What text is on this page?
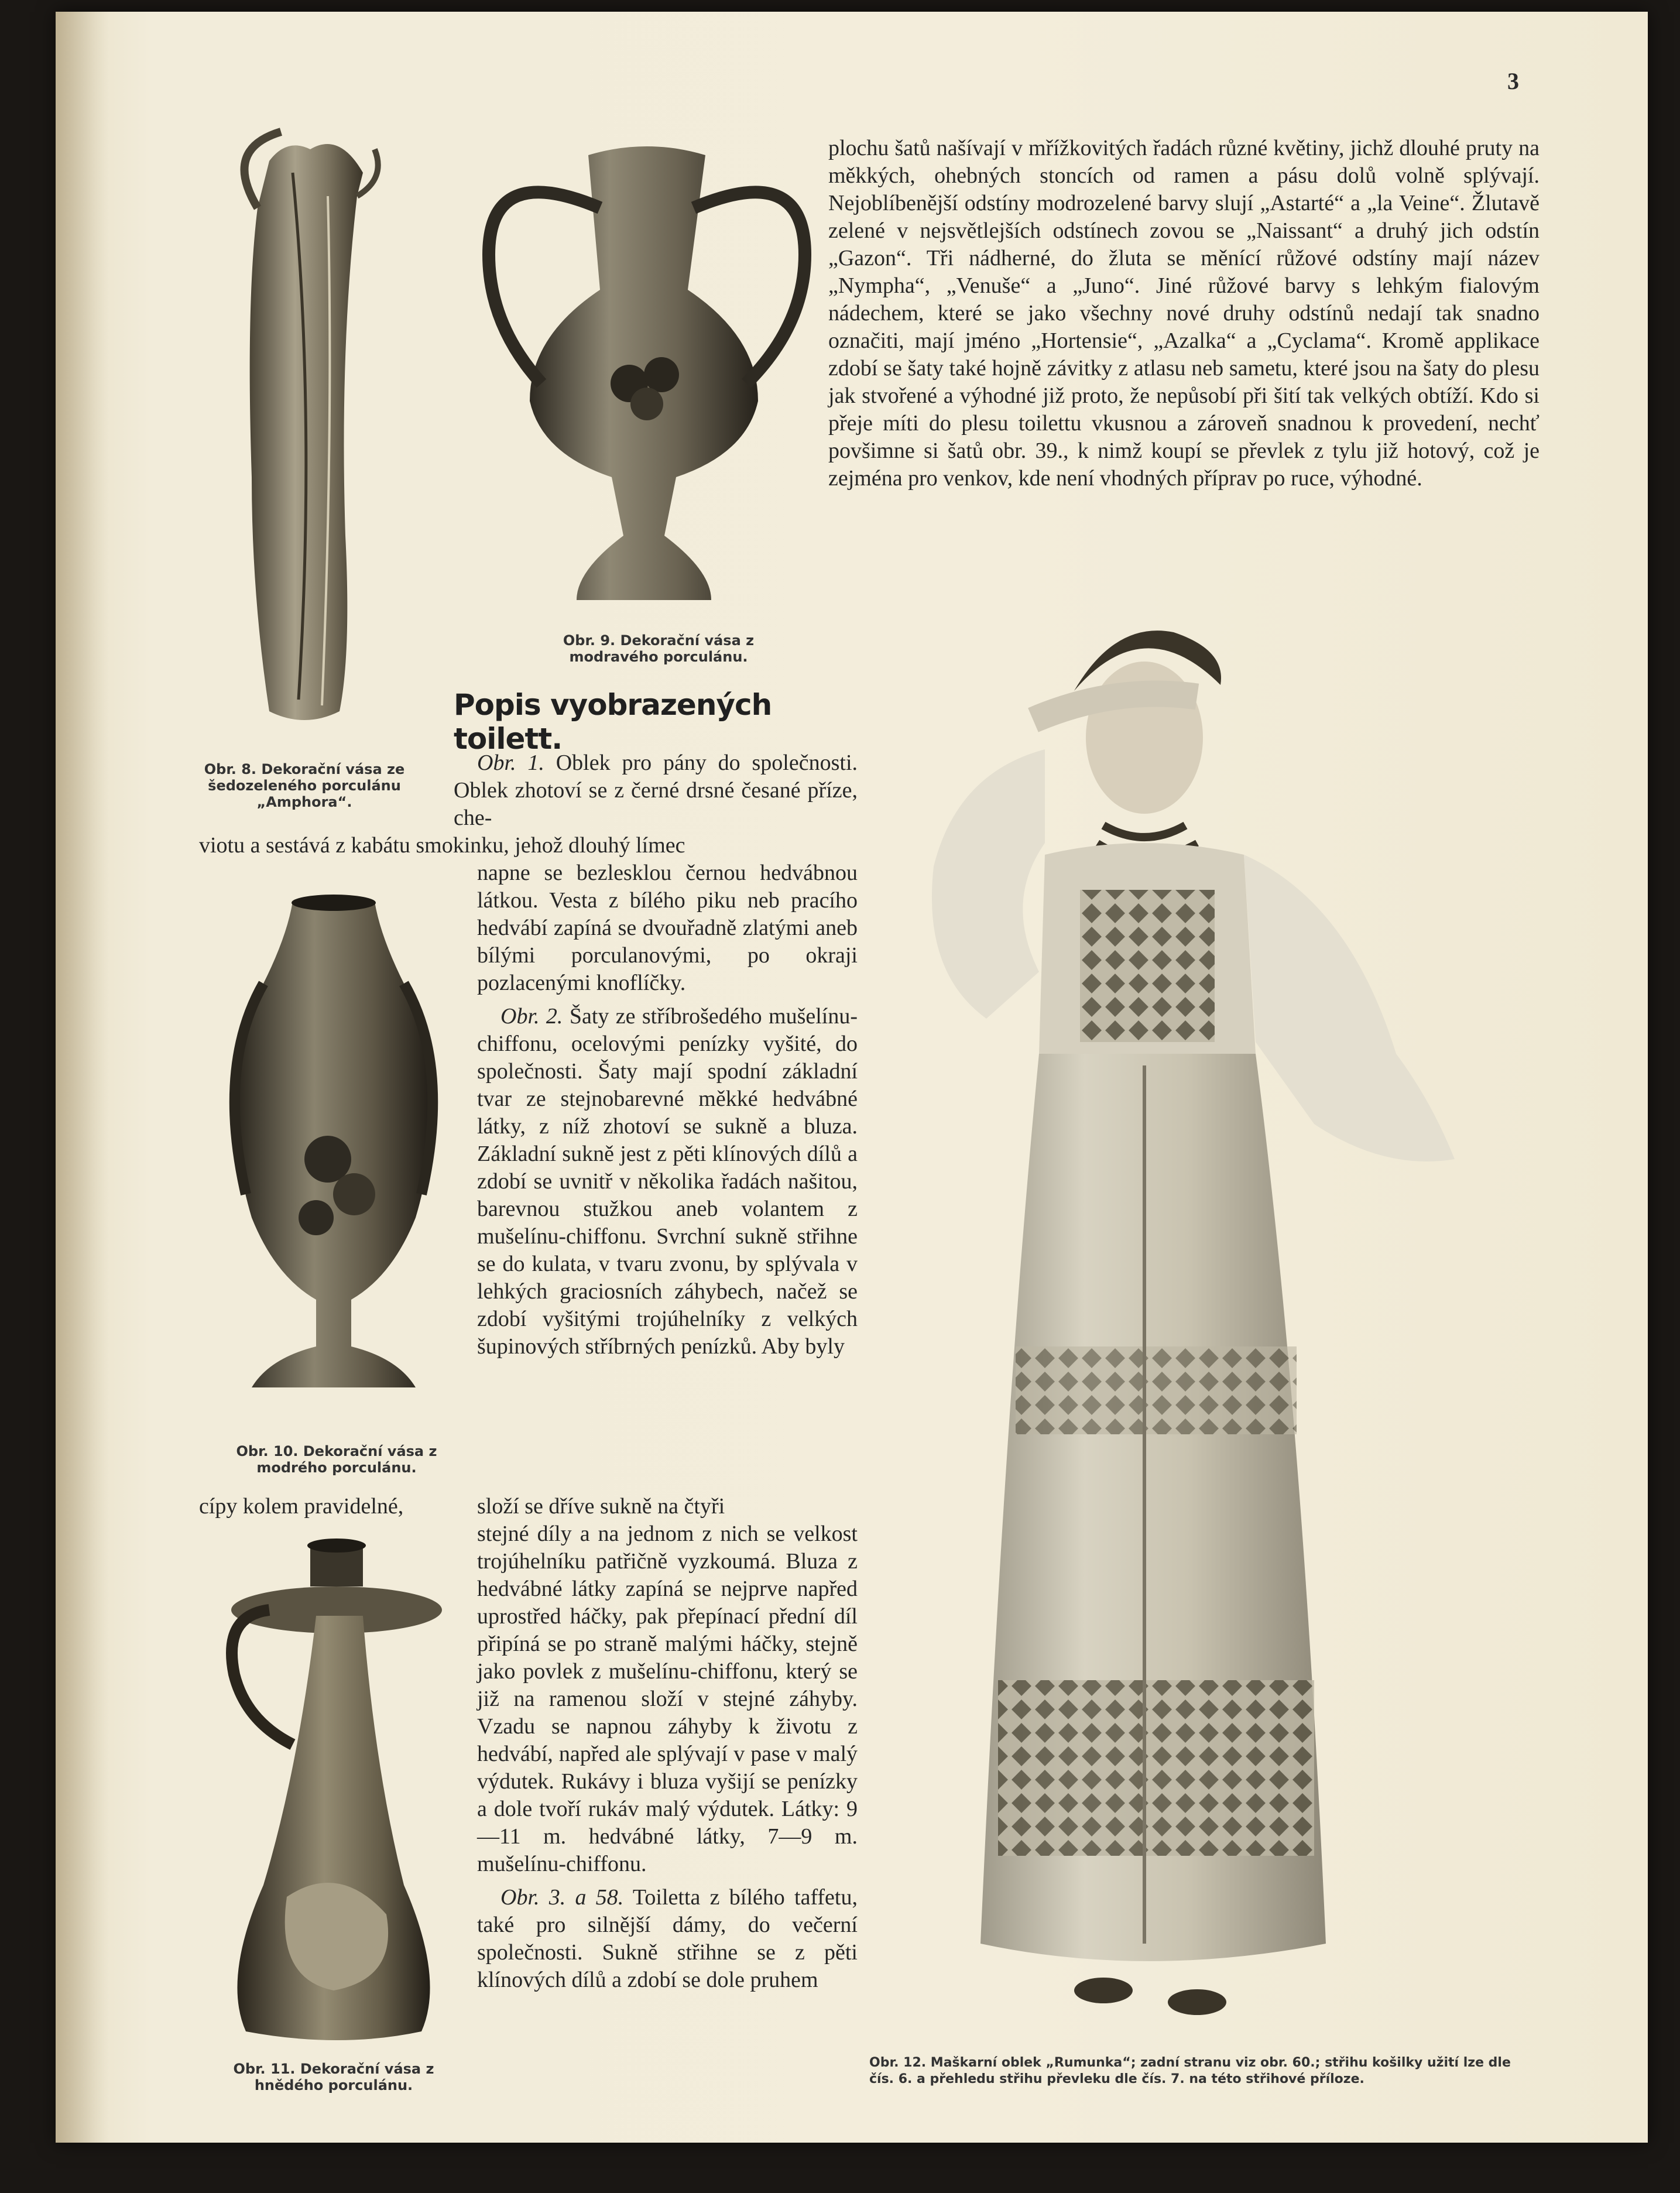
3
Obr. 9. Dekorační vása z modravého porculánu.
plochu šatů našívají v mřížkovitých řadách různé květiny, jichž dlouhé pruty na měkkých, ohebných stoncích od ramen a pásu dolů volně splývají. Nejoblíbenější odstíny modrozelené barvy slují „Astarté“ a „la Veine“. Žlutavě zelené v nejsvětlejších odstínech zovou se „Naissant“ a druhý jich odstín „Gazon“. Tři nádherné, do žluta se měnící růžové odstíny mají název „Nympha“, „Venuše“ a „Juno“. Jiné růžové barvy s lehkým fialovým nádechem, které se jako všechny nové druhy odstínů nedají tak snadno označiti, mají jméno „Hortensie“, „Azalka“ a „Cyclama“. Kromě applikace zdobí se šaty také hojně závitky z atlasu neb sametu, které jsou na šaty do plesu jak stvořené a výhodné již proto, že nepůsobí při šití tak velkých obtíží. Kdo si přeje míti do plesu toilettu vkusnou a zároveň snadnou k provedení, nechť povšimne si šatů obr. 39., k nimž koupí se převlek z tylu již hotový, což je zejména pro venkov, kde není vhodných příprav po ruce, výhodné.
Popis vyobrazených toilett.
Obr. 8. Dekorační vása ze šedozeleného porculánu „Amphora“.

Obr. 1. Oblek pro pány do společnosti. Oblek zhotoví se z černé drsné česané příze, che-

viotu a sestává z kabátu smokinku, jehož dlouhý límec

napne se bezlesklou černou hedvábnou látkou. Vesta z bílého piku neb pracího hedvábí zapíná se dvouřadně zlatými aneb bílými porculanovými, po okraji pozlacenými knoflíčky.

Obr. 2. Šaty ze stříbrošedého mušelínu-chiffonu, ocelovými penízky vyšité, do společnosti. Šaty mají spodní základní tvar ze stejnobarevné měkké hedvábné látky, z níž zhotoví se sukně a bluza. Základní sukně jest z pěti klínových dílů a zdobí se uvnitř v několika řadách našitou, barevnou stužkou aneb volantem z mušelínu-chiffonu. Svrchní sukně střihne se do kulata, v tvaru zvonu, by splývala v lehkých graciosních záhybech, načež se zdobí vyšitými trojúhelníky z velkých šupinových stříbrných penízků. Aby byly

Obr. 10. Dekorační vása z modrého porculánu.
cípy kolem pravidelné,	složí se dříve sukně na čtyři

stejné díly a na jednom z nich se velkost trojúhelníku patřičně vyzkoumá. Bluza z hedvábné látky zapíná se nejprve napřed uprostřed háčky, pak přepínací přední díl připíná se po straně malými háčky, stejně jako povlek z mušelínu-chiffonu, který se již na ramenou složí v stejné záhyby. Vzadu se napnou záhyby k životu z hedvábí, napřed ale splývají v pase v malý výdutek. Rukávy i bluza vyšijí se penízky a dole tvoří rukáv malý výdutek. Látky: 9—11 m. hedvábné látky, 7—9 m. mušelínu-chiffonu.

Obr. 3. a 58. Toiletta z bílého taffetu, také pro silnější dámy, do večerní společnosti. Sukně střihne se z pěti klínových dílů a zdobí se dole pruhem

Obr. 11. Dekorační vása z hnědého porculánu.
Obr. 12. Maškarní oblek „Rumunka“; zadní stranu viz obr. 60.; střihu košilky užití lze dle čís. 6. a přehledu střihu převleku dle čís. 7. na této střihové příloze.
